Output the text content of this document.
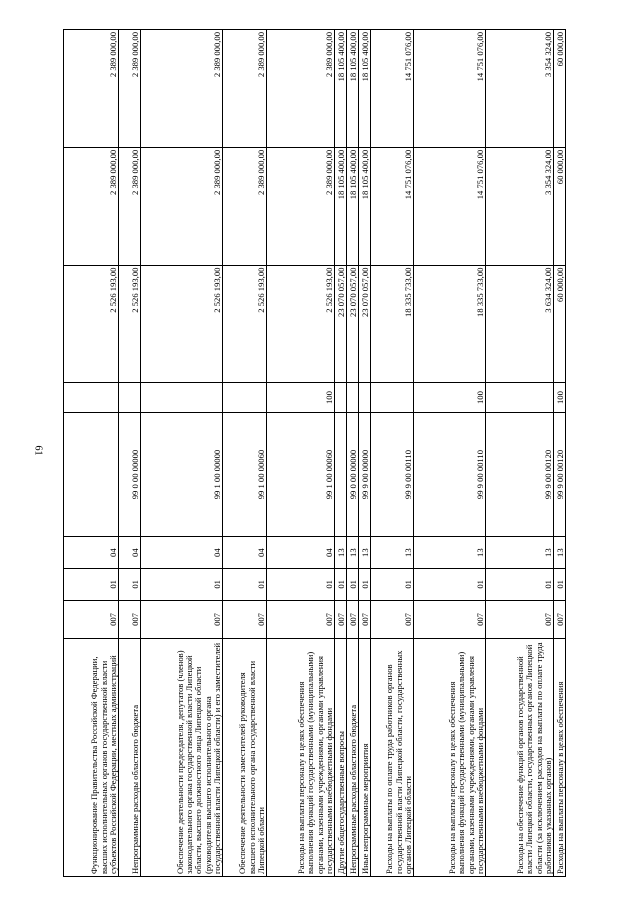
61
Функционирование Правительства Российской Федерации, высших исполнительных органов государственной власти субъектов Российской Федерации, местных администраций	007	01	04			2 526 193,00	2 389 000,00	2 389 000,00
Непрограммные расходы областного бюджета	007	01	04	99 0 00 00000		2 526 193,00	2 389 000,00	2 389 000,00
Обеспечение деятельности председателя, депутатов (членов) законодательного органа государственной власти Липецкой области, высшего должностного лица Липецкой области (руководителя высшего исполнительного органа государственной власти Липецкой области) и его заместителей	007	01	04	99 1 00 00000		2 526 193,00	2 389 000,00	2 389 000,00
Обеспечение деятельности заместителей руководителя высшего исполнительного органа государственной власти Липецкой области	007	01	04	99 1 00 00060		2 526 193,00	2 389 000,00	2 389 000,00
Расходы на выплаты персоналу в целях обеспечения выполнения функций государственными (муниципальными) органами, казенными учреждениями, органами управления государственными внебюджетными фондами	007	01	04	99 1 00 00060	100	2 526 193,00	2 389 000,00	2 389 000,00
Другие общегосударственные вопросы	007	01	13			23 070 057,00	18 105 400,00	18 105 400,00
Непрограммные расходы областного бюджета	007	01	13	99 0 00 00000		23 070 057,00	18 105 400,00	18 105 400,00
Иные непрограммные мероприятия	007	01	13	99 9 00 00000		23 070 057,00	18 105 400,00	18 105 400,00
Расходы на выплаты по оплате труда работников органов государственной власти Липецкой области, государственных органов Липецкой области	007	01	13	99 9 00 00110		18 335 733,00	14 751 076,00	14 751 076,00
Расходы на выплаты персоналу в целях обеспечения выполнения функций государственными (муниципальными) органами, казенными учреждениями, органами управления государственными внебюджетными фондами	007	01	13	99 9 00 00110	100	18 335 733,00	14 751 076,00	14 751 076,00
Расходы на обеспечение функций органов государственной власти Липецкой области, государственных органов Липецкой области (за исключением расходов на выплаты по оплате труда работников указанных органов)	007	01	13	99 9 00 00120		3 634 324,00	3 354 324,00	3 354 324,00
Расходы на выплаты персоналу в целях обеспечения	007	01	13	99 9 00 00120	100	60 000,00	60 000,00	60 000,00
